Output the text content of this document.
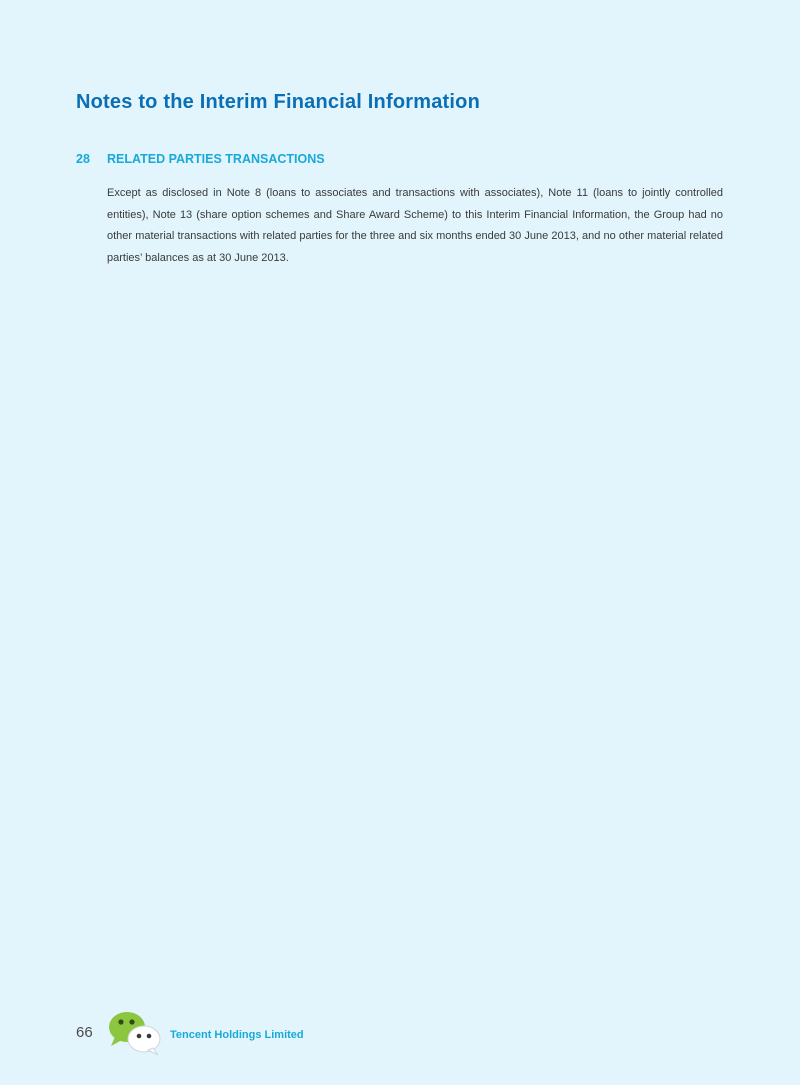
Notes to the Interim Financial Information
28 RELATED PARTIES TRANSACTIONS

Except as disclosed in Note 8 (loans to associates and transactions with associates), Note 11 (loans to jointly controlled entities), Note 13 (share option schemes and Share Award Scheme) to this Interim Financial Information, the Group had no other material transactions with related parties for the three and six months ended 30 June 2013, and no other material related parties’ balances as at 30 June 2013.

66	Tencent Holdings Limited
